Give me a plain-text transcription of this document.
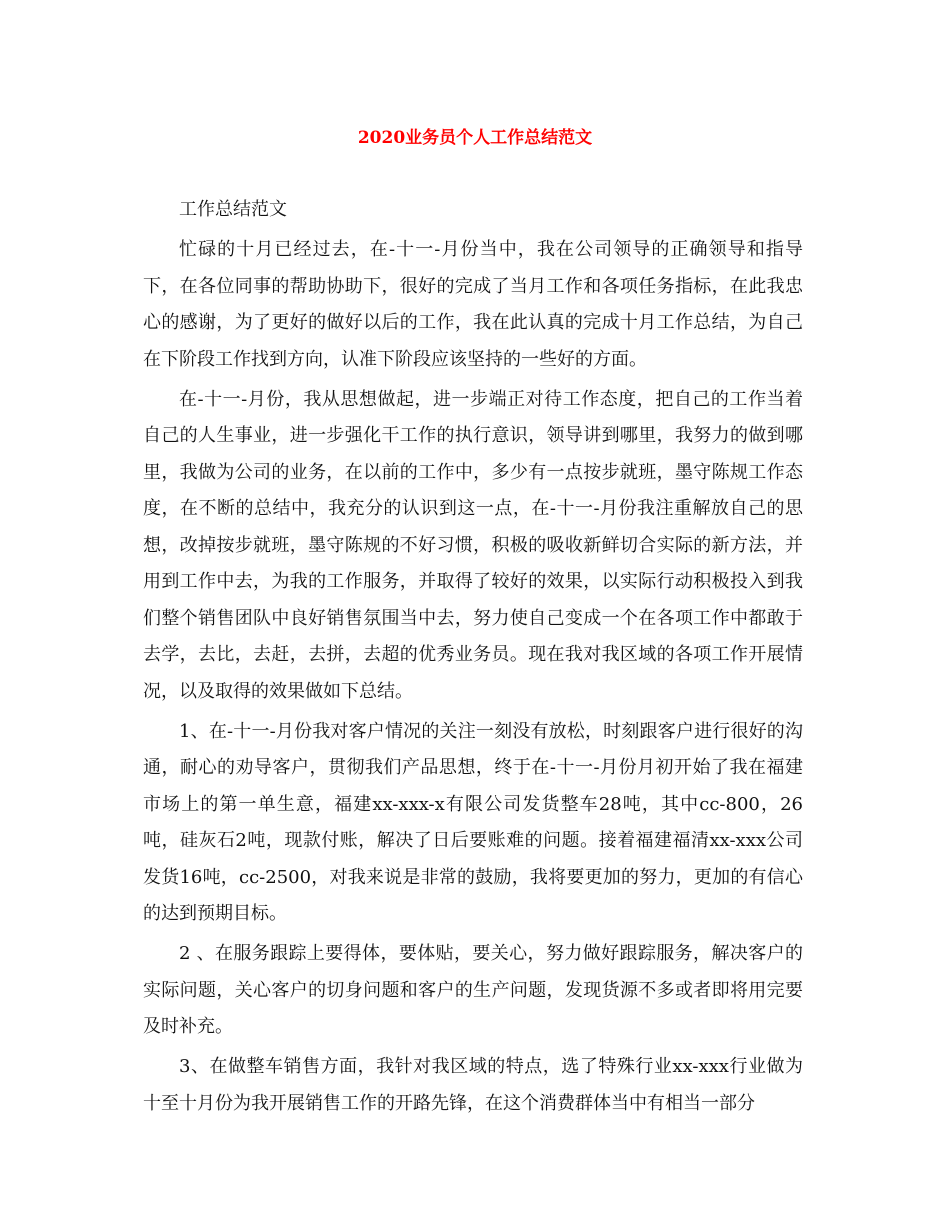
2020业务员个人工作总结范文

工作总结范文

忙碌的十月已经过去，在-十一-月份当中，我在公司领导的正确领导和指导下，在各位同事的帮助协助下，很好的完成了当月工作和各项任务指标，在此我忠心的感谢，为了更好的做好以后的工作，我在此认真的完成十月工作总结，为自己在下阶段工作找到方向，认准下阶段应该坚持的一些好的方面。

在-十一-月份，我从思想做起，进一步端正对待工作态度，把自己的工作当着自己的人生事业，进一步强化干工作的执行意识，领导讲到哪里，我努力的做到哪里，我做为公司的业务，在以前的工作中，多少有一点按步就班，墨守陈规工作态度，在不断的总结中，我充分的认识到这一点，在-十一-月份我注重解放自己的思想，改掉按步就班，墨守陈规的不好习惯，积极的吸收新鲜切合实际的新方法，并用到工作中去，为我的工作服务，并取得了较好的效果，以实际行动积极投入到我们整个销售团队中良好销售氛围当中去，努力使自己变成一个在各项工作中都敢于去学，去比，去赶，去拼，去超的优秀业务员。现在我对我区域的各项工作开展情况，以及取得的效果做如下总结。

1、在-十一-月份我对客户情况的关注一刻没有放松，时刻跟客户进行很好的沟通，耐心的劝导客户，贯彻我们产品思想，终于在-十一-月份月初开始了我在福建市场上的第一单生意，福建xx-xxx-x有限公司发货整车28吨，其中cc-800，26吨，硅灰石2吨，现款付账，解决了日后要账难的问题。接着福建福清xx-xxx公司发货16吨，cc-2500，对我来说是非常的鼓励，我将要更加的努力，更加的有信心的达到预期目标。

2 、在服务跟踪上要得体，要体贴，要关心，努力做好跟踪服务，解决客户的实际问题，关心客户的切身问题和客户的生产问题，发现货源不多或者即将用完要及时补充。

3、在做整车销售方面，我针对我区域的特点，选了特殊行业xx-xxx行业做为十至十月份为我开展销售工作的开路先锋，在这个消费群体当中有相当一部分
